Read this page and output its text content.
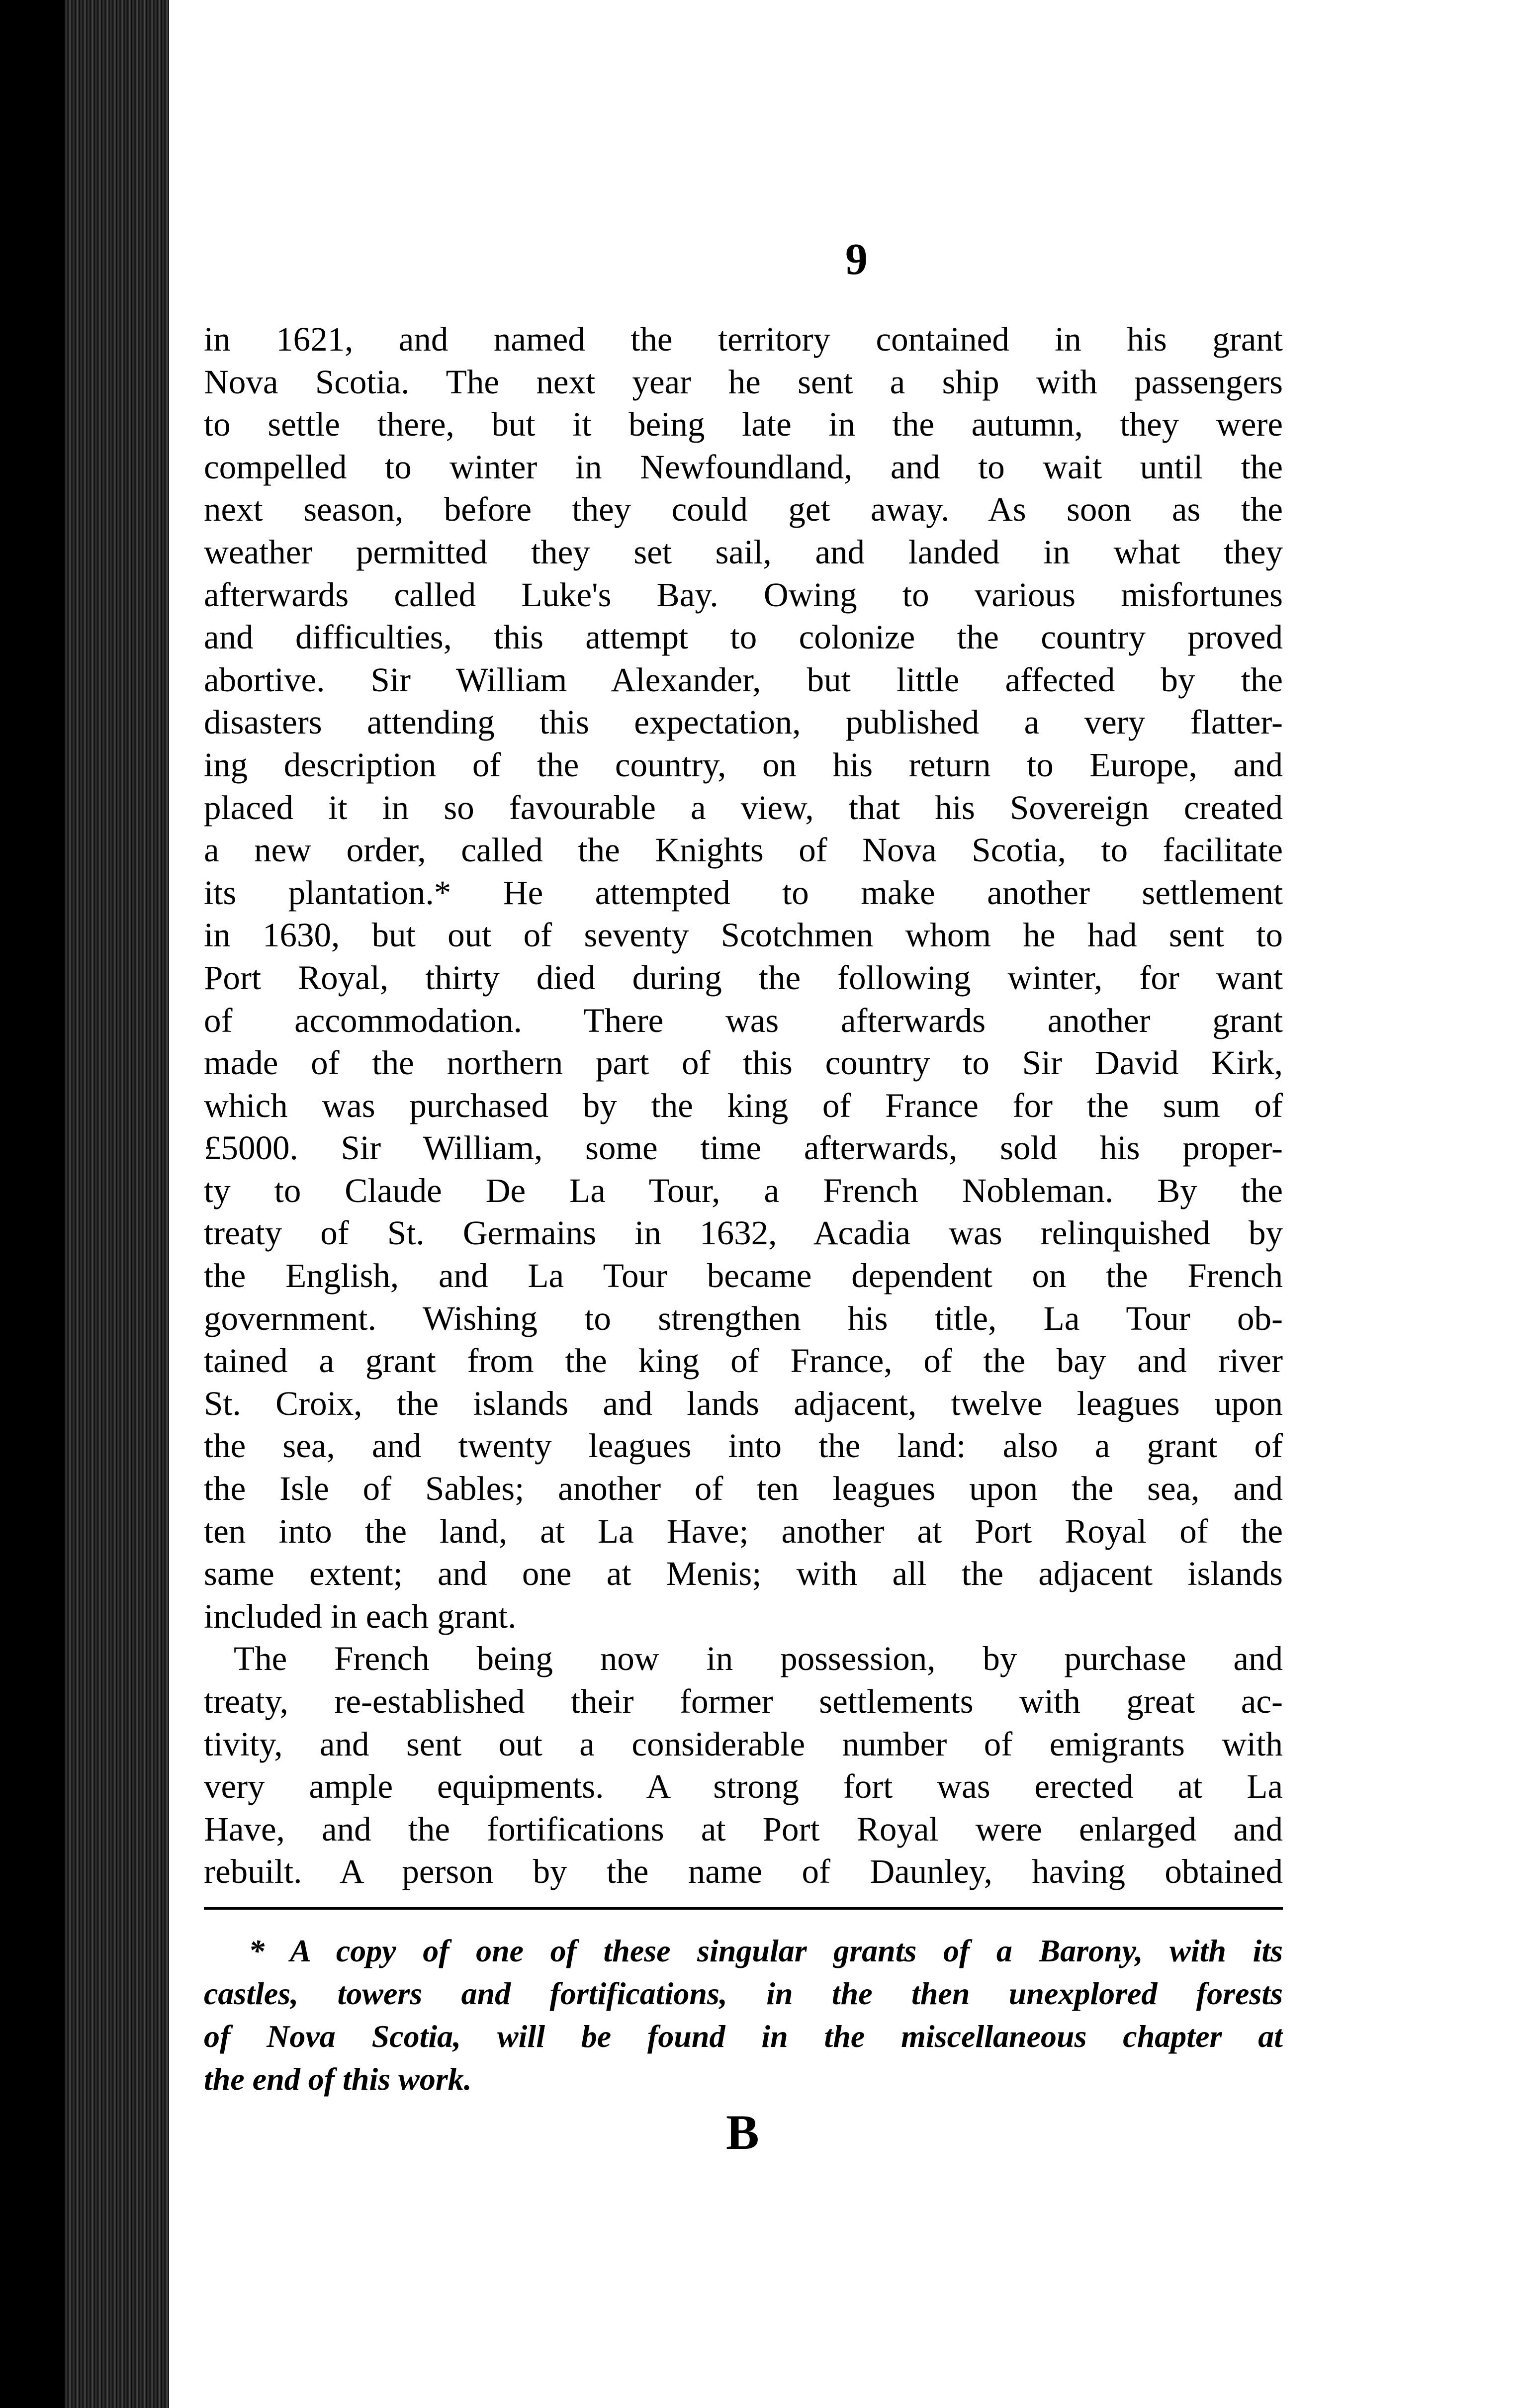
9
in 1621, and named the territory contained in his grant
Nova Scotia. The next year he sent a ship with passengers
to settle there, but it being late in the autumn, they were
compelled to winter in Newfoundland, and to wait until the
next season, before they could get away. As soon as the
weather permitted they set sail, and landed in what they
afterwards called Luke's Bay. Owing to various misfortunes
and difficulties, this attempt to colonize the country proved
abortive. Sir William Alexander, but little affected by the
disasters attending this expectation, published a very flatter-
ing description of the country, on his return to Europe, and
placed it in so favourable a view, that his Sovereign created
a new order, called the Knights of Nova Scotia, to facilitate
its plantation.* He attempted to make another settlement
in 1630, but out of seventy Scotchmen whom he had sent to
Port Royal, thirty died during the following winter, for want
of accommodation. There was afterwards another grant
made of the northern part of this country to Sir David Kirk,
which was purchased by the king of France for the sum of
£5000. Sir William, some time afterwards, sold his proper-
ty to Claude De La Tour, a French Nobleman. By the
treaty of St. Germains in 1632, Acadia was relinquished by
the English, and La Tour became dependent on the French
government. Wishing to strengthen his title, La Tour ob-
tained a grant from the king of France, of the bay and river
St. Croix, the islands and lands adjacent, twelve leagues upon
the sea, and twenty leagues into the land: also a grant of
the Isle of Sables; another of ten leagues upon the sea, and
ten into the land, at La Have; another at Port Royal of the
same extent; and one at Menis; with all the adjacent islands
included in each grant.
The French being now in possession, by purchase and
treaty, re-established their former settlements with great ac-
tivity, and sent out a considerable number of emigrants with
very ample equipments. A strong fort was erected at La
Have, and the fortifications at Port Royal were enlarged and
rebuilt. A person by the name of Daunley, having obtained
* A copy of one of these singular grants of a Barony, with its
castles, towers and fortifications, in the then unexplored forests
of Nova Scotia, will be found in the miscellaneous chapter at
the end of this work.
B
